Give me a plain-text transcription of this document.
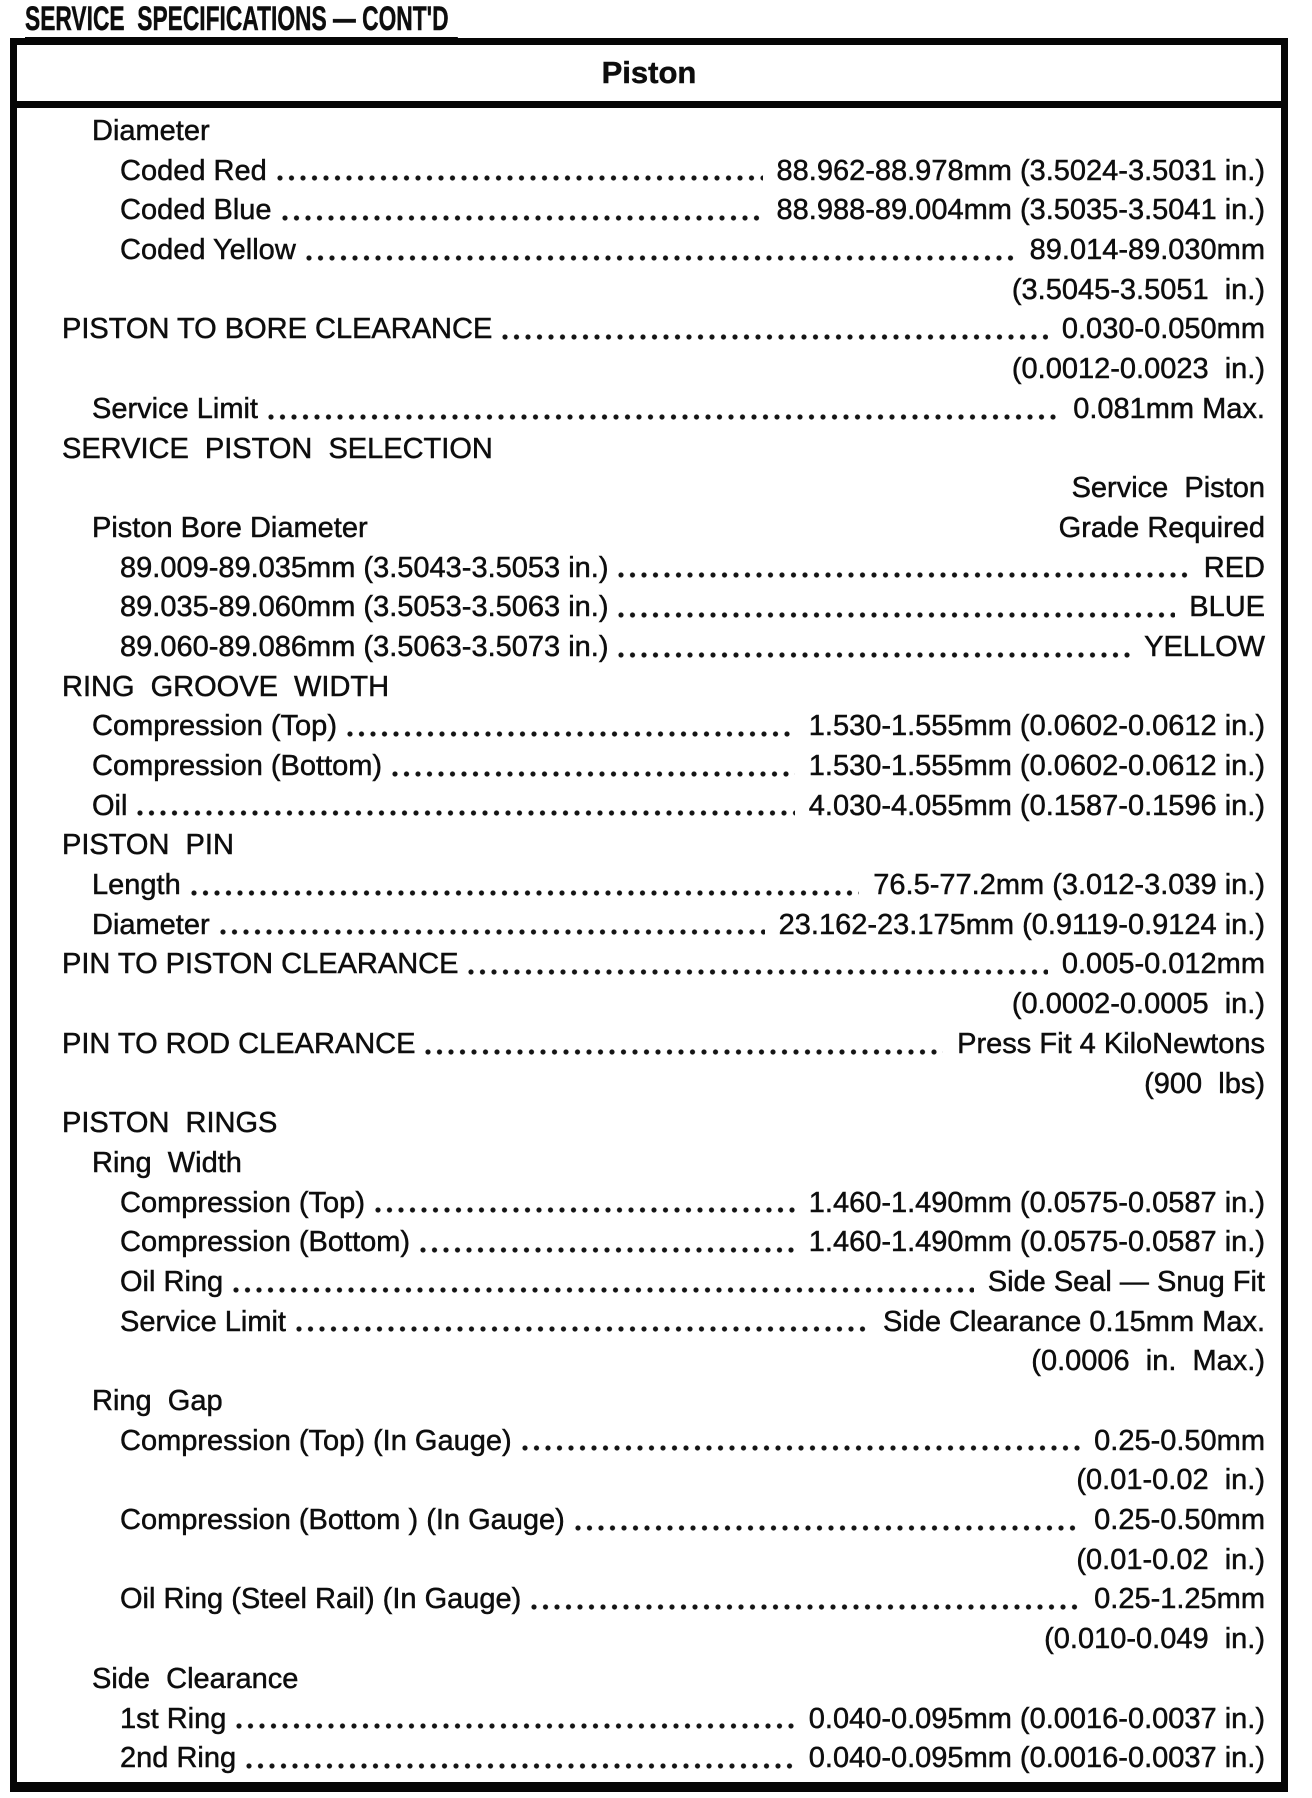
SERVICE  SPECIFICATIONS — CONT'D
Piston
Diameter
Coded Red	88.962-88.978mm (3.5024-3.5031 in.)
Coded Blue	88.988-89.004mm (3.5035-3.5041 in.)
Coded Yellow	89.014-89.030mm
(3.5045-3.5051  in.)
PISTON TO BORE CLEARANCE	0.030-0.050mm
(0.0012-0.0023  in.)
Service Limit	0.081mm Max.
SERVICE  PISTON  SELECTION
Service  Piston
Piston Bore Diameter	Grade Required
89.009-89.035mm (3.5043-3.5053 in.)	RED
89.035-89.060mm (3.5053-3.5063 in.)	BLUE
89.060-89.086mm (3.5063-3.5073 in.)	YELLOW
RING  GROOVE  WIDTH
Compression (Top)	1.530-1.555mm (0.0602-0.0612 in.)
Compression (Bottom)	1.530-1.555mm (0.0602-0.0612 in.)
Oil	4.030-4.055mm (0.1587-0.1596 in.)
PISTON  PIN
Length	76.5-77.2mm (3.012-3.039 in.)
Diameter	23.162-23.175mm (0.9119-0.9124 in.)
PIN TO PISTON CLEARANCE	0.005-0.012mm
(0.0002-0.0005  in.)
PIN TO ROD CLEARANCE	Press Fit 4 KiloNewtons
(900  lbs)
PISTON  RINGS
Ring  Width
Compression (Top)	1.460-1.490mm (0.0575-0.0587 in.)
Compression (Bottom)	1.460-1.490mm (0.0575-0.0587 in.)
Oil Ring	Side Seal — Snug Fit
Service Limit	Side Clearance 0.15mm Max.
(0.0006  in.  Max.)
Ring  Gap
Compression (Top) (In Gauge)	0.25-0.50mm
(0.01-0.02  in.)
Compression (Bottom ) (In Gauge)	0.25-0.50mm
(0.01-0.02  in.)
Oil Ring (Steel Rail) (In Gauge)	0.25-1.25mm
(0.010-0.049  in.)
Side  Clearance
1st Ring	0.040-0.095mm (0.0016-0.0037 in.)
2nd Ring	0.040-0.095mm (0.0016-0.0037 in.)
